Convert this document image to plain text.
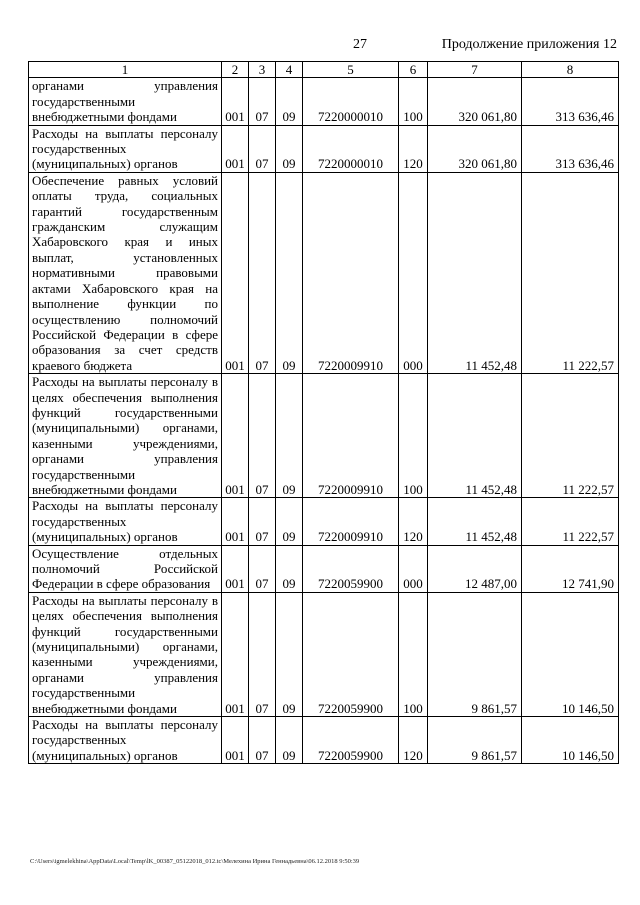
27	Продолжение приложения 12
1	2	3	4	5	6	7	8
органами управления государственными внебюджетными фондами	001	07	09	7220000010	100	320 061,80	313 636,46
Расходы на выплаты персоналу государственных (муниципальных) органов	001	07	09	7220000010	120	320 061,80	313 636,46
Обеспечение равных условий оплаты труда, социальных гарантий государственным гражданским служащим Хабаровского края и иных выплат, установленных нормативными правовыми актами Хабаровского края на выполнение функции по осуществлению полномочий Российской Федерации в сфере образования за счет средств краевого бюджета	001	07	09	7220009910	000	11 452,48	11 222,57
Расходы на выплаты персоналу в целях обеспечения выполнения функций государственными (муниципальными) органами, казенными учреждениями, органами управления государственными внебюджетными фондами	001	07	09	7220009910	100	11 452,48	11 222,57
Расходы на выплаты персоналу государственных (муниципальных) органов	001	07	09	7220009910	120	11 452,48	11 222,57
Осуществление отдельных полномочий Российской Федерации в сфере образования	001	07	09	7220059900	000	12 487,00	12 741,90
Расходы на выплаты персоналу в целях обеспечения выполнения функций государственными (муниципальными) органами, казенными учреждениями, органами управления государственными внебюджетными фондами	001	07	09	7220059900	100	9 861,57	10 146,50
Расходы на выплаты персоналу государственных (муниципальных) органов	001	07	09	7220059900	120	9 861,57	10 146,50
C:\Users\igmelekhina\AppData\Local\Temp\lK_00387_05122018_012.tc\Мелехина Ирина Геннадьевна\06.12.2018 9:50:39
